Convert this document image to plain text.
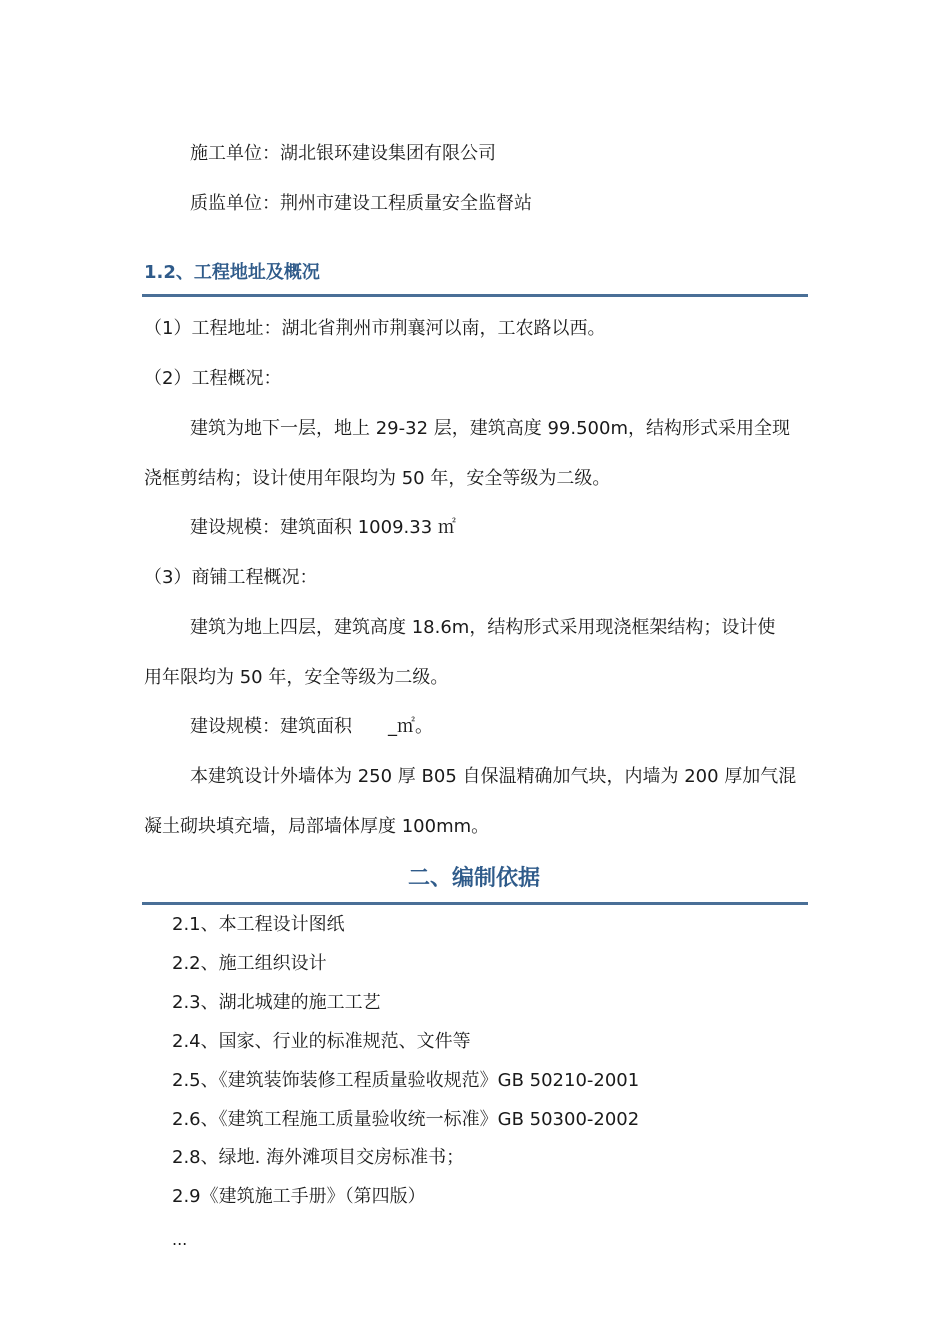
施工单位：湖北银环建设集团有限公司
质监单位：荆州市建设工程质量安全监督站
1.2、工程地址及概况
（1）工程地址：湖北省荆州市荆襄河以南，工农路以西。
（2）工程概况：
建筑为地下一层，地上 29-32 层，建筑高度 99.500m，结构形式采用全现
浇框剪结构；设计使用年限均为 50 年，安全等级为二级。
建设规模：建筑面积 1009.33 ㎡
（3）商铺工程概况：
建筑为地上四层，建筑高度 18.6m，结构形式采用现浇框架结构；设计使
用年限均为 50 年，安全等级为二级。
建设规模：建筑面积　　_㎡。
本建筑设计外墙体为 250 厚 B05 自保温精确加气块，内墙为 200 厚加气混
凝土砌块填充墙，局部墙体厚度 100mm。
二、编制依据
2.1、本工程设计图纸
2.2、施工组织设计
2.3、湖北城建的施工工艺
2.4、国家、行业的标准规范、文件等
2.5、《建筑装饰装修工程质量验收规范》GB 50210-2001
2.6、《建筑工程施工质量验收统一标准》GB 50300-2002
2.8、绿地. 海外滩项目交房标准书；
2.9《建筑施工手册》（第四版）
...
